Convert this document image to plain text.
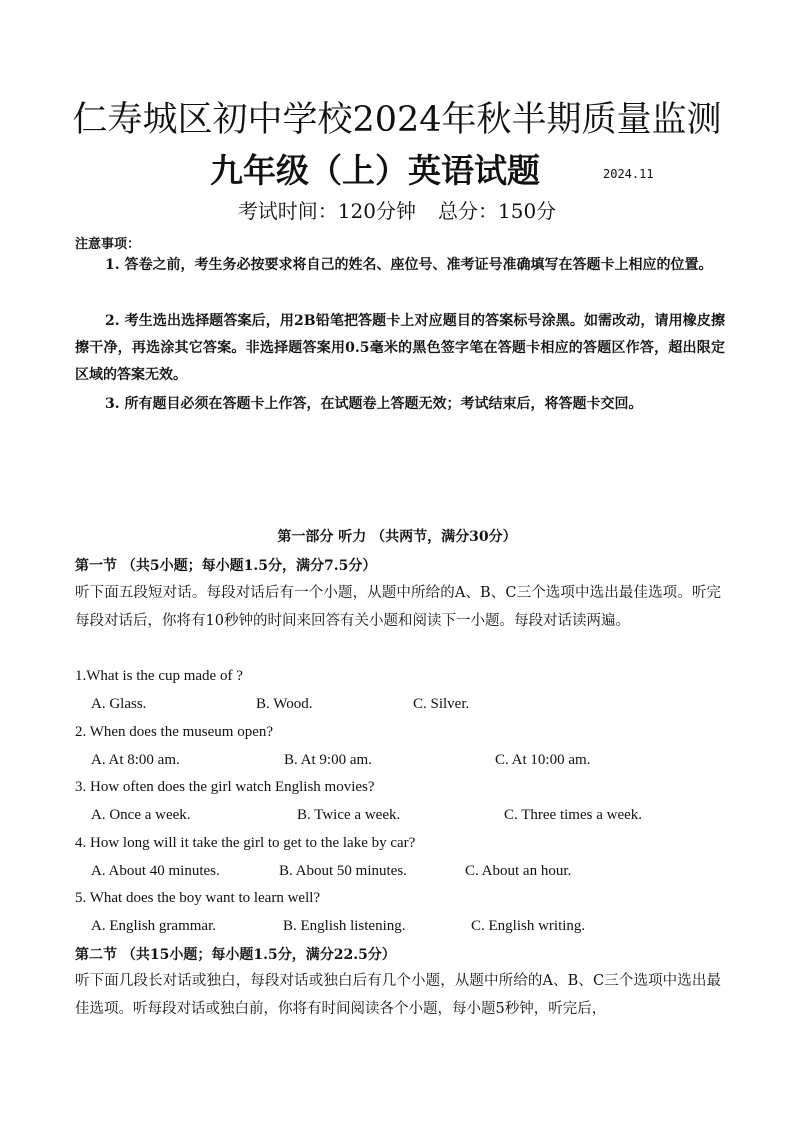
仁寿城区初中学校2024年秋半期质量监测
九年级（上）英语试题	2024.11
考试时间：120分钟 总分：150分
注意事项：
1. 答卷之前，考生务必按要求将自己的姓名、座位号、准考证号准确填写在答题卡上相应的位置。
2. 考生选出选择题答案后，用2B铅笔把答题卡上对应题目的答案标号涂黑。如需改动，请用橡皮擦擦干净，再选涂其它答案。非选择题答案用0.5毫米的黑色签字笔在答题卡相应的答题区作答，超出限定区域的答案无效。
3. 所有题目必须在答题卡上作答，在试题卷上答题无效；考试结束后，将答题卡交回。
第一部分 听力 （共两节，满分30分）
第一节 （共5小题；每小题1.5分，满分7.5分）
听下面五段短对话。每段对话后有一个小题，从题中所给的A、B、C三个选项中选出最佳选项。听完每段对话后，你将有10秒钟的时间来回答有关小题和阅读下一小题。每段对话读两遍。
1.What is the cup made of ?
A. Glass.	B. Wood.	C. Silver.
2. When does the museum open?
A. At 8:00 am.	B. At 9:00 am.	C. At 10:00 am.
3. How often does the girl watch English movies?
A. Once a week.	B. Twice a week.	C. Three times a week.
4. How long will it take the girl to get to the lake by car?
A. About 40 minutes.	B. About 50 minutes.	C. About an hour.
5. What does the boy want to learn well?
A. English grammar.	B. English listening.	C. English writing.
第二节 （共15小题；每小题1.5分，满分22.5分）
听下面几段长对话或独白，每段对话或独白后有几个小题，从题中所给的A、B、C三个选项中选出最佳选项。听每段对话或独白前，你将有时间阅读各个小题，每小题5秒钟，听完后，
